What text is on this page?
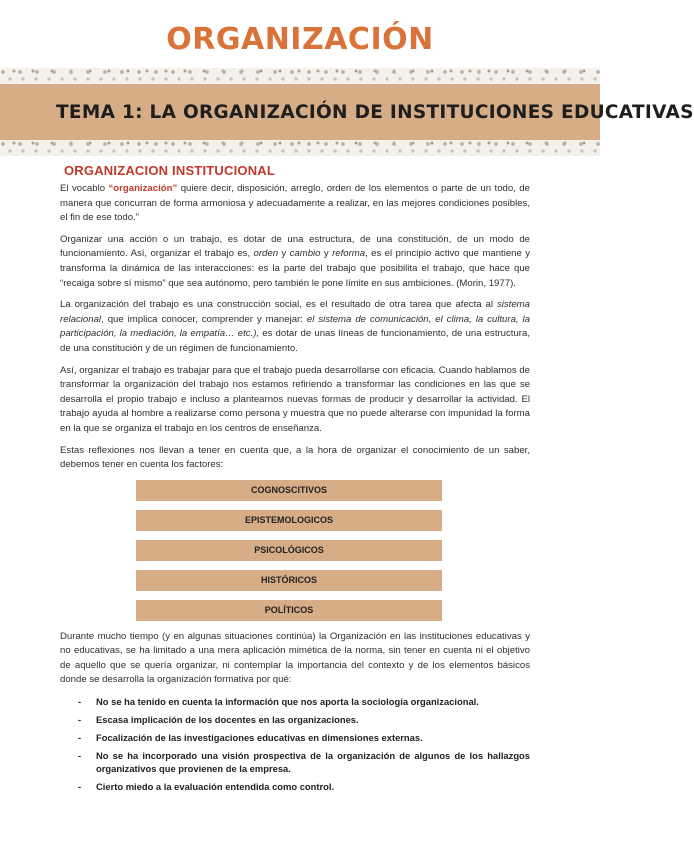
ORGANIZACIÓN
TEMA 1: LA ORGANIZACIÓN DE INSTITUCIONES EDUCATIVAS
ORGANIZACION INSTITUCIONAL

El vocablo “organización” quiere decir, disposición, arreglo, orden de los elementos o parte de un todo, de manera que concurran de forma armoniosa y adecuadamente a realizar, en las mejores condiciones posibles, el fin de ese todo.”

Organizar una acción o un trabajo, es dotar de una estructura, de una constitución, de un modo de funcionamiento. Así, organizar el trabajo es, orden y cambio y reforma, es el principio activo que mantiene y transforma la dinámica de las interacciones: es la parte del trabajo que posibilita el trabajo, que hace que “recaiga sobre sí mismo” que sea autónomo, pero también le pone límite en sus ambiciones. (Morin, 1977).

La organización del trabajo es una construcción social, es el resultado de otra tarea que afecta al sistema relacional, que implica conocer, comprender y manejar: el sistema de comunicación, el clima, la cultura, la participación, la mediación, la empatía… etc.), es dotar de unas líneas de funcionamiento, de una estructura, de una constitución y de un régimen de funcionamiento.

Así, organizar el trabajo es trabajar para que el trabajo pueda desarrollarse con eficacia. Cuando hablamos de transformar la organización del trabajo nos estamos refiriendo a transformar las condiciones en las que se desarrolla el propio trabajo e incluso a plantearnos nuevas formas de producir y desarrollar la actividad. El trabajo ayuda al hombre a realizarse como persona y muestra que no puede alterarse con impunidad la forma en la que se organiza el trabajo en los centros de enseñanza.

Estas reflexiones nos llevan a tener en cuenta que, a la hora de organizar el conocimiento de un saber, debemos tener en cuenta los factores:

COGNOSCITIVOS
EPISTEMOLOGICOS
PSICOLÓGICOS
HISTÓRICOS
POLÍTICOS

Durante mucho tiempo (y en algunas situaciones continúa) la Organización en las instituciones educativas y no educativas, se ha limitado a una mera aplicación mimética de la norma, sin tener en cuenta ni el objetivo de aquello que se quería organizar, ni contemplar la importancia del contexto y de los elementos básicos donde se desarrolla la organización formativa por qué:

- No se ha tenido en cuenta la información que nos aporta la sociología organizacional.
- Escasa implicación de los docentes en las organizaciones.
- Focalización de las investigaciones educativas en dimensiones externas.
- No se ha incorporado una visión prospectiva de la organización de algunos de los hallazgos organizativos que provienen de la empresa.
- Cierto miedo a la evaluación entendida como control.
